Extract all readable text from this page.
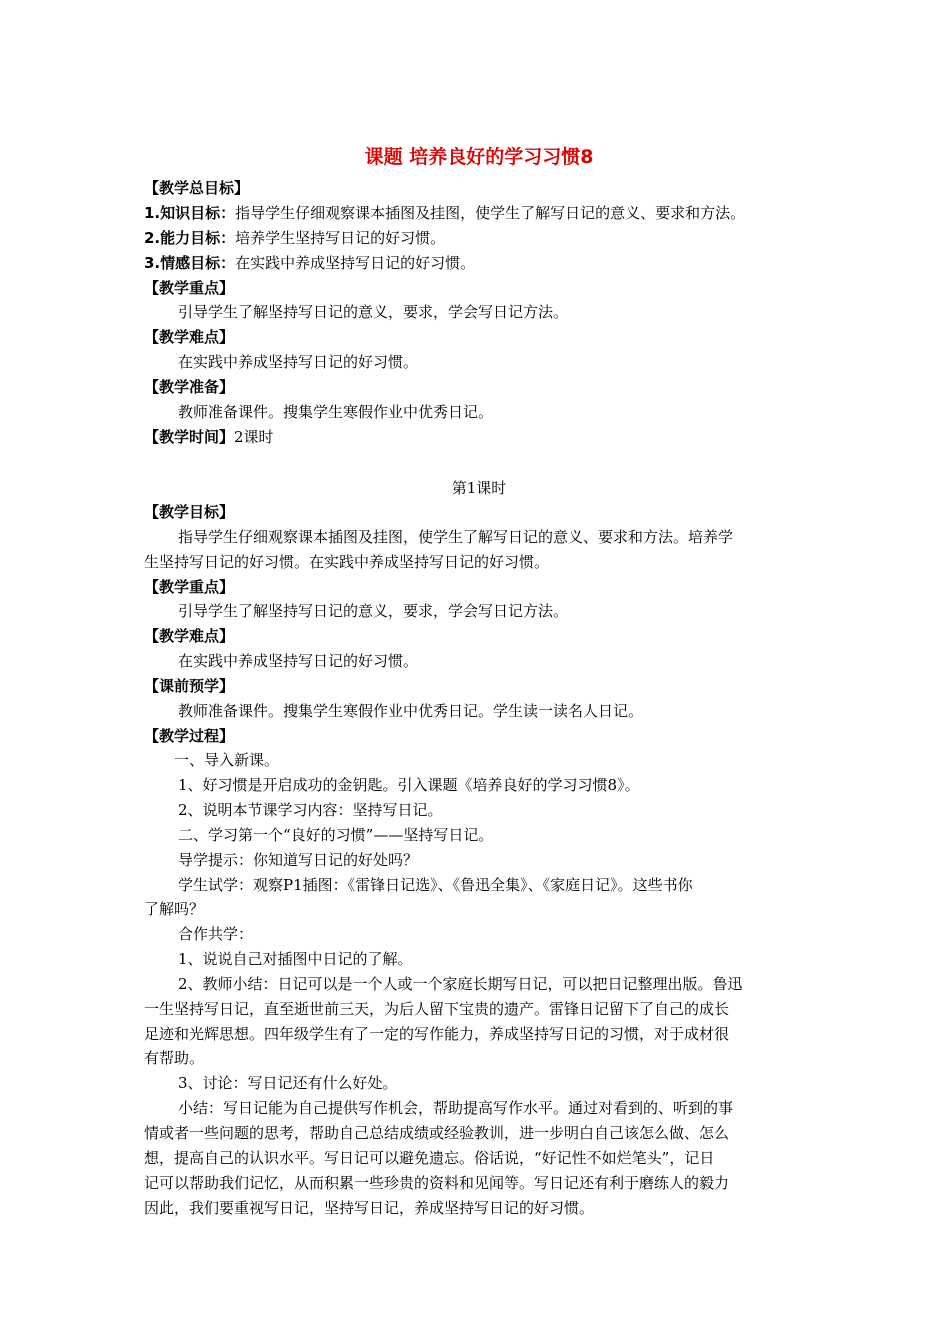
课题 培养良好的学习习惯8
【教学总目标】
1.知识目标：指导学生仔细观察课本插图及挂图，使学生了解写日记的意义、要求和方法。
2.能力目标：培养学生坚持写日记的好习惯。
3.情感目标：在实践中养成坚持写日记的好习惯。
【教学重点】
引导学生了解坚持写日记的意义，要求，学会写日记方法。
【教学难点】
在实践中养成坚持写日记的好习惯。
【教学准备】
教师准备课件。搜集学生寒假作业中优秀日记。
【教学时间】2课时
第1课时
【教学目标】
指导学生仔细观察课本插图及挂图，使学生了解写日记的意义、要求和方法。培养学
生坚持写日记的好习惯。在实践中养成坚持写日记的好习惯。
【教学重点】
引导学生了解坚持写日记的意义，要求，学会写日记方法。
【教学难点】
在实践中养成坚持写日记的好习惯。
【课前预学】
教师准备课件。搜集学生寒假作业中优秀日记。学生读一读名人日记。
【教学过程】
一、导入新课。
1、好习惯是开启成功的金钥匙。引入课题《培养良好的学习习惯8》。
2、说明本节课学习内容：坚持写日记。
二、学习第一个“良好的习惯”——坚持写日记。
导学提示：你知道写日记的好处吗？
学生试学：观察P1插图：《雷锋日记选》、《鲁迅全集》、《家庭日记》。这些书你
了解吗？
合作共学：
1、说说自己对插图中日记的了解。
2、教师小结：日记可以是一个人或一个家庭长期写日记，可以把日记整理出版。鲁迅
一生坚持写日记，直至逝世前三天，为后人留下宝贵的遗产。雷锋日记留下了自己的成长
足迹和光辉思想。四年级学生有了一定的写作能力，养成坚持写日记的习惯，对于成材很
有帮助。
3、讨论：写日记还有什么好处。
小结：写日记能为自己提供写作机会，帮助提高写作水平。通过对看到的、听到的事
情或者一些问题的思考，帮助自己总结成绩或经验教训，进一步明白自己该怎么做、怎么
想，提高自己的认识水平。写日记可以避免遗忘。俗话说，“好记性不如烂笔头”，记日
记可以帮助我们记忆，从而积累一些珍贵的资料和见闻等。写日记还有利于磨练人的毅力
因此，我们要重视写日记，坚持写日记，养成坚持写日记的好习惯。
